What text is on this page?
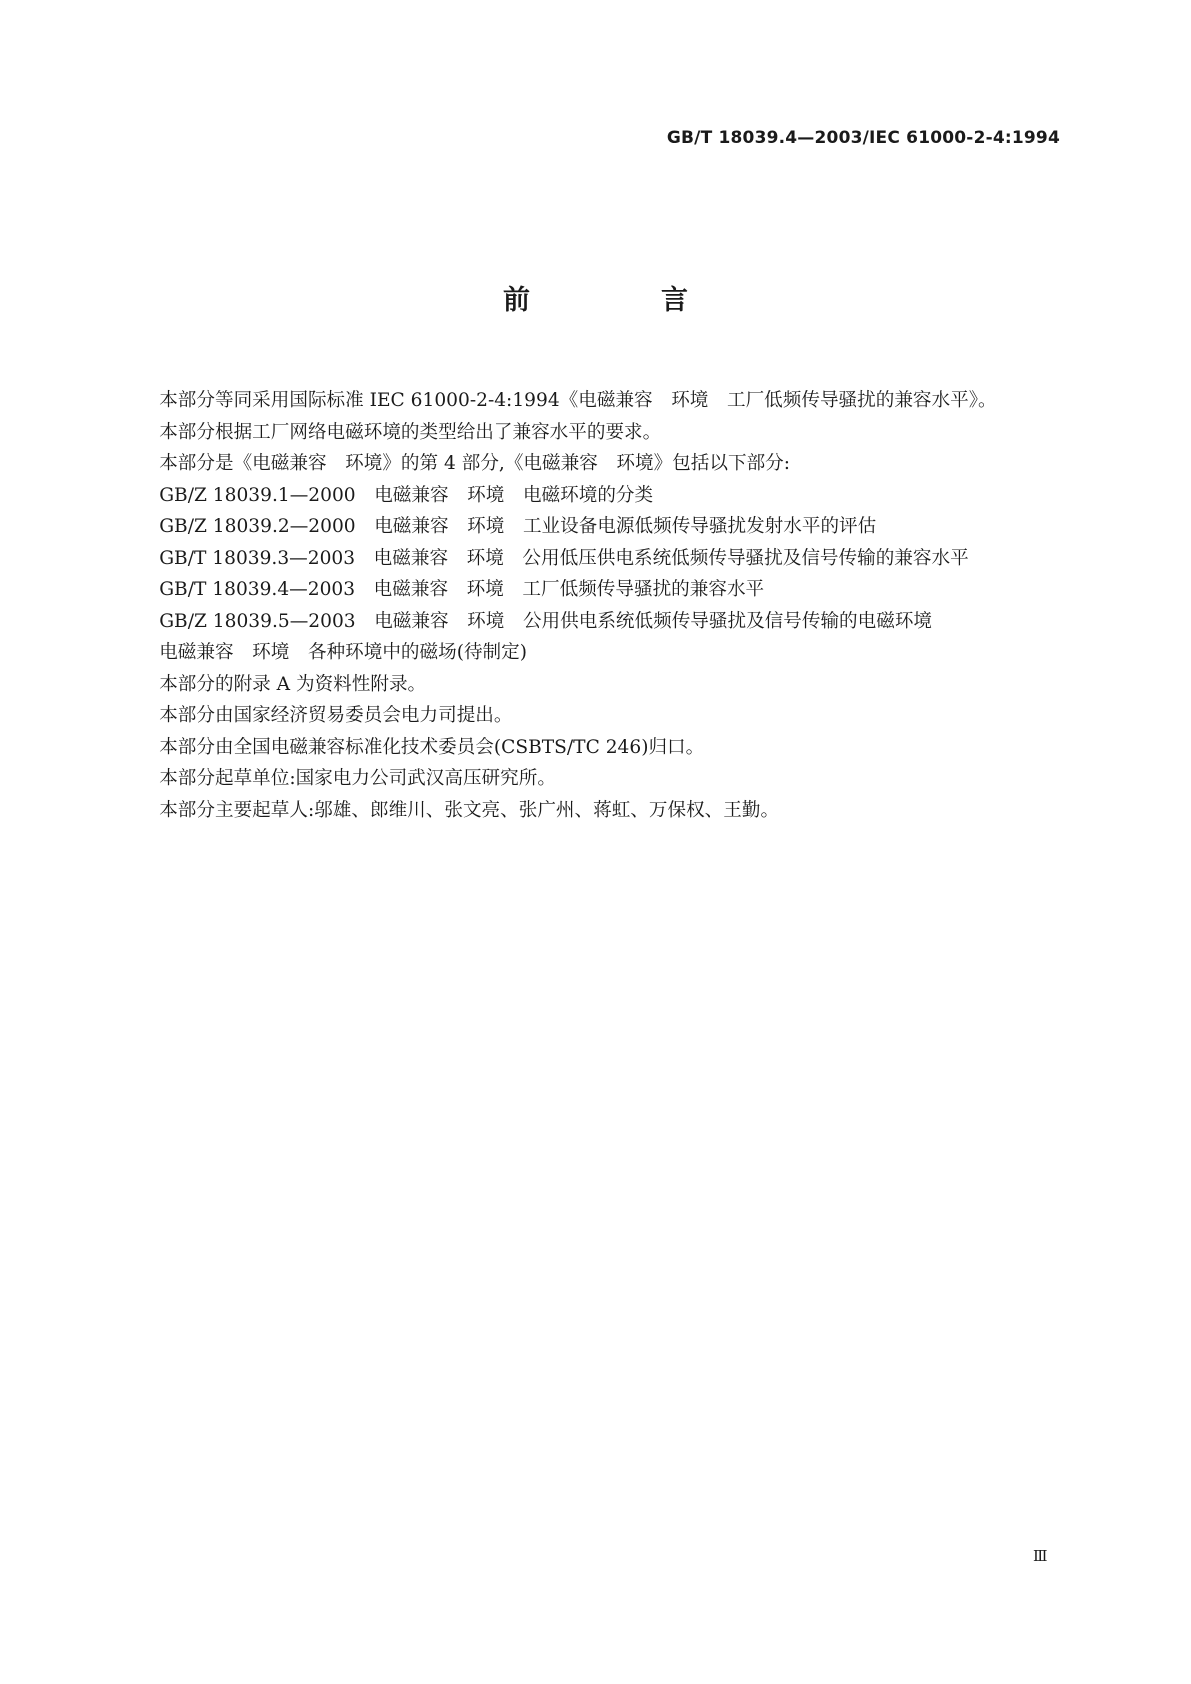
GB/T 18039.4—2003/IEC 61000-2-4:1994
前　言

本部分等同采用国际标准 IEC 61000-2-4:1994《电磁兼容　环境　工厂低频传导骚扰的兼容水平》。

本部分根据工厂网络电磁环境的类型给出了兼容水平的要求。

本部分是《电磁兼容　环境》的第 4 部分,《电磁兼容　环境》包括以下部分:

GB/Z 18039.1—2000　电磁兼容　环境　电磁环境的分类

GB/Z 18039.2—2000　电磁兼容　环境　工业设备电源低频传导骚扰发射水平的评估

GB/T 18039.3—2003　电磁兼容　环境　公用低压供电系统低频传导骚扰及信号传输的兼容水平

GB/T 18039.4—2003　电磁兼容　环境　工厂低频传导骚扰的兼容水平

GB/Z 18039.5—2003　电磁兼容　环境　公用供电系统低频传导骚扰及信号传输的电磁环境

电磁兼容　环境　各种环境中的磁场(待制定)

本部分的附录 A 为资料性附录。

本部分由国家经济贸易委员会电力司提出。

本部分由全国电磁兼容标准化技术委员会(CSBTS/TC 246)归口。

本部分起草单位:国家电力公司武汉高压研究所。

本部分主要起草人:邬雄、郎维川、张文亮、张广州、蒋虹、万保权、王勤。

Ⅲ
